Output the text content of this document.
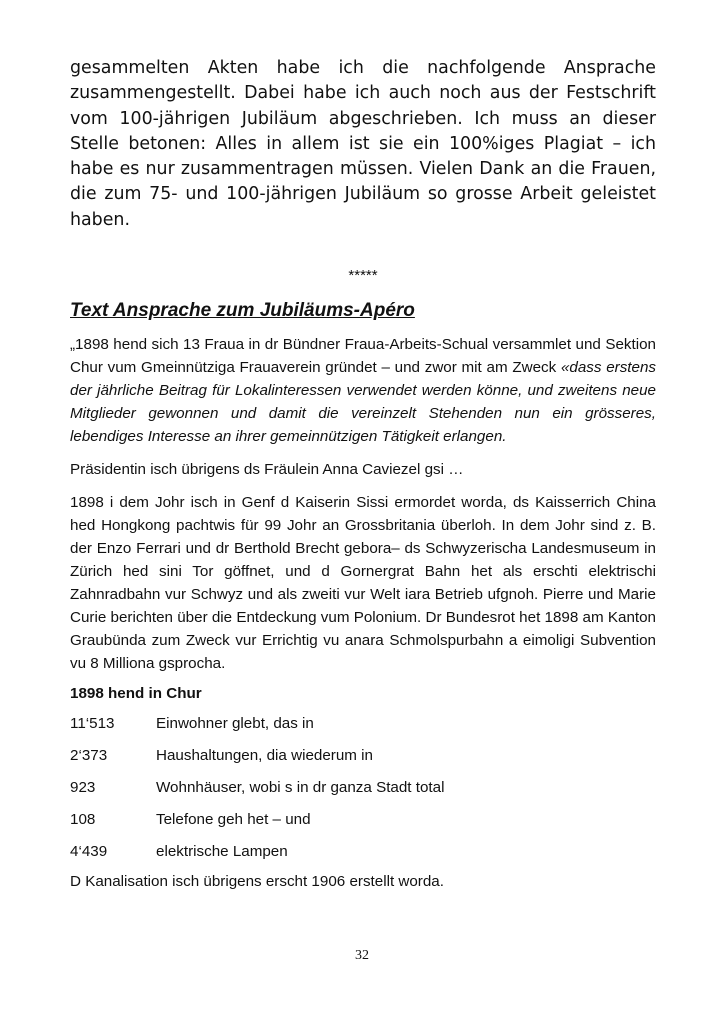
gesammelten Akten habe ich die nachfolgende Ansprache zusammengestellt. Dabei habe ich auch noch aus der Festschrift vom 100-jährigen Jubiläum abgeschrieben. Ich muss an dieser Stelle betonen: Alles in allem ist sie ein 100%iges Plagiat – ich habe es nur zusammentragen müssen. Vielen Dank an die Frauen, die zum 75- und 100-jährigen Jubiläum so grosse Arbeit geleistet haben.

*****
Text Ansprache zum Jubiläums-Apéro

„1898 hend sich 13 Fraua in dr Bündner Fraua-Arbeits-Schual versammlet und Sektion Chur vum Gmeinnützigа Frauaverein gründet – und zwor mit am Zweck «dass erstens der jährliche Beitrag für Lokalinteressen verwendet werden könne, und zweitens neue Mitglieder gewonnen und damit die vereinzelt Stehenden nun ein grösseres, lebendiges Interesse an ihrer gemeinnützigen Tätigkeit erlangen.

Präsidentin isch übrigens ds Fräulein Anna Caviezel gsi …

1898 i dem Johr isch in Genf d Kaiserin Sissi ermordet worda, ds Kaisserrich China hed Hongkong pachtwis für 99 Johr an Grossbritania überloh. In dem Johr sind z. B. der Enzo Ferrari und dr Berthold Brecht gebora– ds Schwyzerischa Landesmuseum in Zürich hed sini Tor göffnet, und d Gornergrat Bahn het als erschti elektrischi Zahnradbahn vur Schwyz und als zweiti vur Welt iara Betrieb ufgnoh. Pierre und Marie Curie berichten über die Entdeckung vum Polonium. Dr Bundesrot het 1898 am Kanton Graubünda zum Zweck vur Errichtig vu anara Schmolspurbahn a eimoligi Subvention vu 8 Milliona gsprocha.

1898 hend in Chur

11‘513	Einwohner glebt, das in
2‘373	Haushaltungen, dia wiederum in
923	Wohnhäuser, wobi s in dr ganza Stadt total
108	Telefone geh het – und
4‘439	elektrische Lampen

D Kanalisation isch übrigens erscht 1906 erstellt worda.

32
